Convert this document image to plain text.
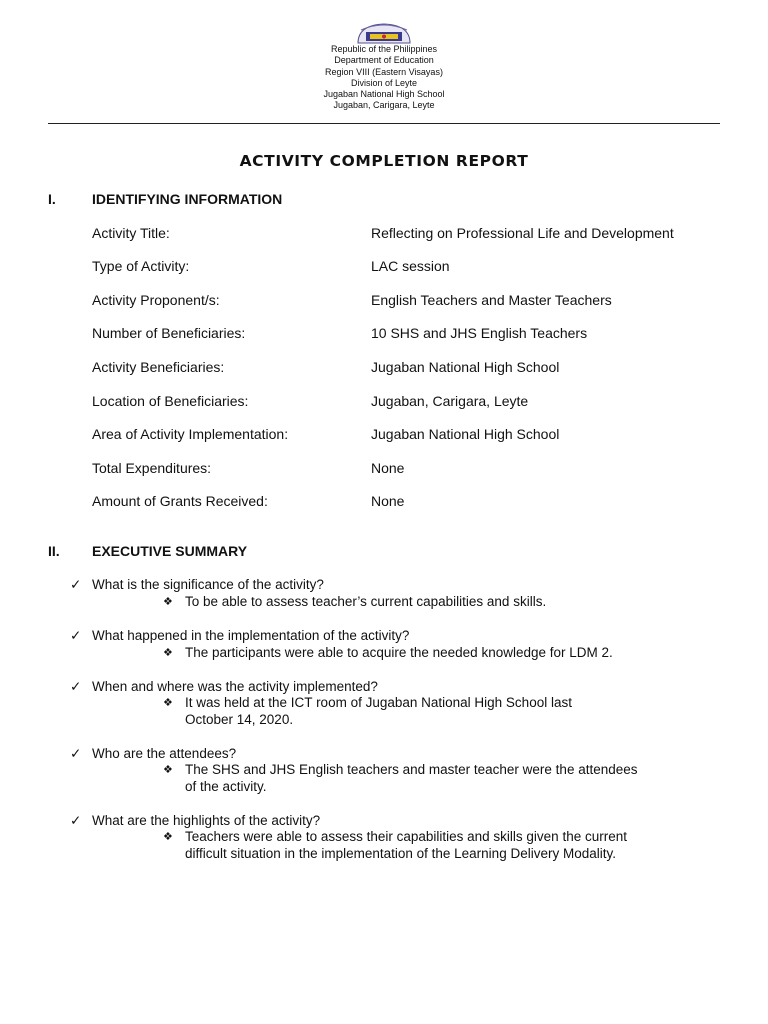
Republic of the Philippines
Department of Education
Region VIII (Eastern Visayas)
Division of Leyte
Jugaban National High School
Jugaban, Carigara, Leyte
ACTIVITY COMPLETION REPORT
I.	IDENTIFYING INFORMATION
Activity Title:	Reflecting on Professional Life and Development
Type of Activity:	LAC session
Activity Proponent/s:	English Teachers and Master Teachers
Number of Beneficiaries:	10 SHS and JHS English Teachers
Activity Beneficiaries:	Jugaban National High School
Location of Beneficiaries:	Jugaban, Carigara, Leyte
Area of Activity Implementation:	Jugaban National High School
Total Expenditures:	None
Amount of Grants Received:	None
II. EXECUTIVE SUMMARY
✓ What is the significance of the activity?
❖ To be able to assess teacher’s current capabilities and skills.
✓ What happened in the implementation of the activity?
❖ The participants were able to acquire the needed knowledge for LDM 2.
✓ When and where was the activity implemented?
❖ It was held at the ICT room of Jugaban National High School last
October 14, 2020.
✓ Who are the attendees?
❖ The SHS and JHS English teachers and master teacher were the attendees
of the activity.
✓ What are the highlights of the activity?
❖ Teachers were able to assess their capabilities and skills given the current
difficult situation in the implementation of the Learning Delivery Modality.
